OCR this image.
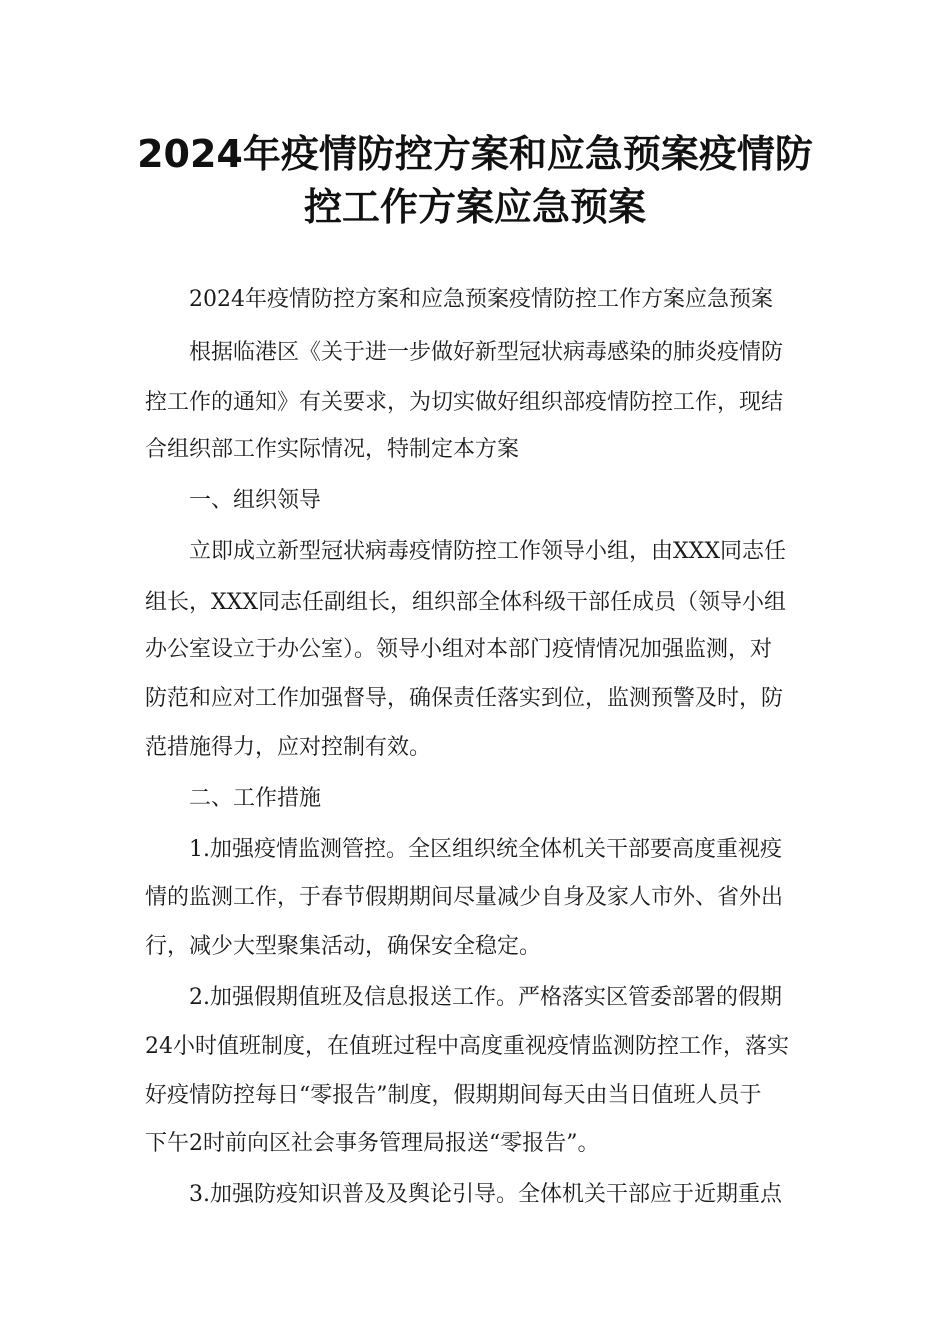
2024年疫情防控方案和应急预案疫情防
控工作方案应急预案
2024年疫情防控方案和应急预案疫情防控工作方案应急预案
根据临港区《关于进一步做好新型冠状病毒感染的肺炎疫情防
控工作的通知》有关要求，为切实做好组织部疫情防控工作，现结
合组织部工作实际情况，特制定本方案
一、组织领导
立即成立新型冠状病毒疫情防控工作领导小组，由XXX同志任
组长，XXX同志任副组长，组织部全体科级干部任成员（领导小组
办公室设立于办公室）。领导小组对本部门疫情情况加强监测，对
防范和应对工作加强督导，确保责任落实到位，监测预警及时，防
范措施得力，应对控制有效。
二、工作措施
1.加强疫情监测管控。全区组织统全体机关干部要高度重视疫
情的监测工作，于春节假期期间尽量减少自身及家人市外、省外出
行，减少大型聚集活动，确保安全稳定。
2.加强假期值班及信息报送工作。严格落实区管委部署的假期
24小时值班制度，在值班过程中高度重视疫情监测防控工作，落实
好疫情防控每日“零报告”制度，假期期间每天由当日值班人员于
下午2时前向区社会事务管理局报送“零报告”。
3.加强防疫知识普及及舆论引导。全体机关干部应于近期重点
